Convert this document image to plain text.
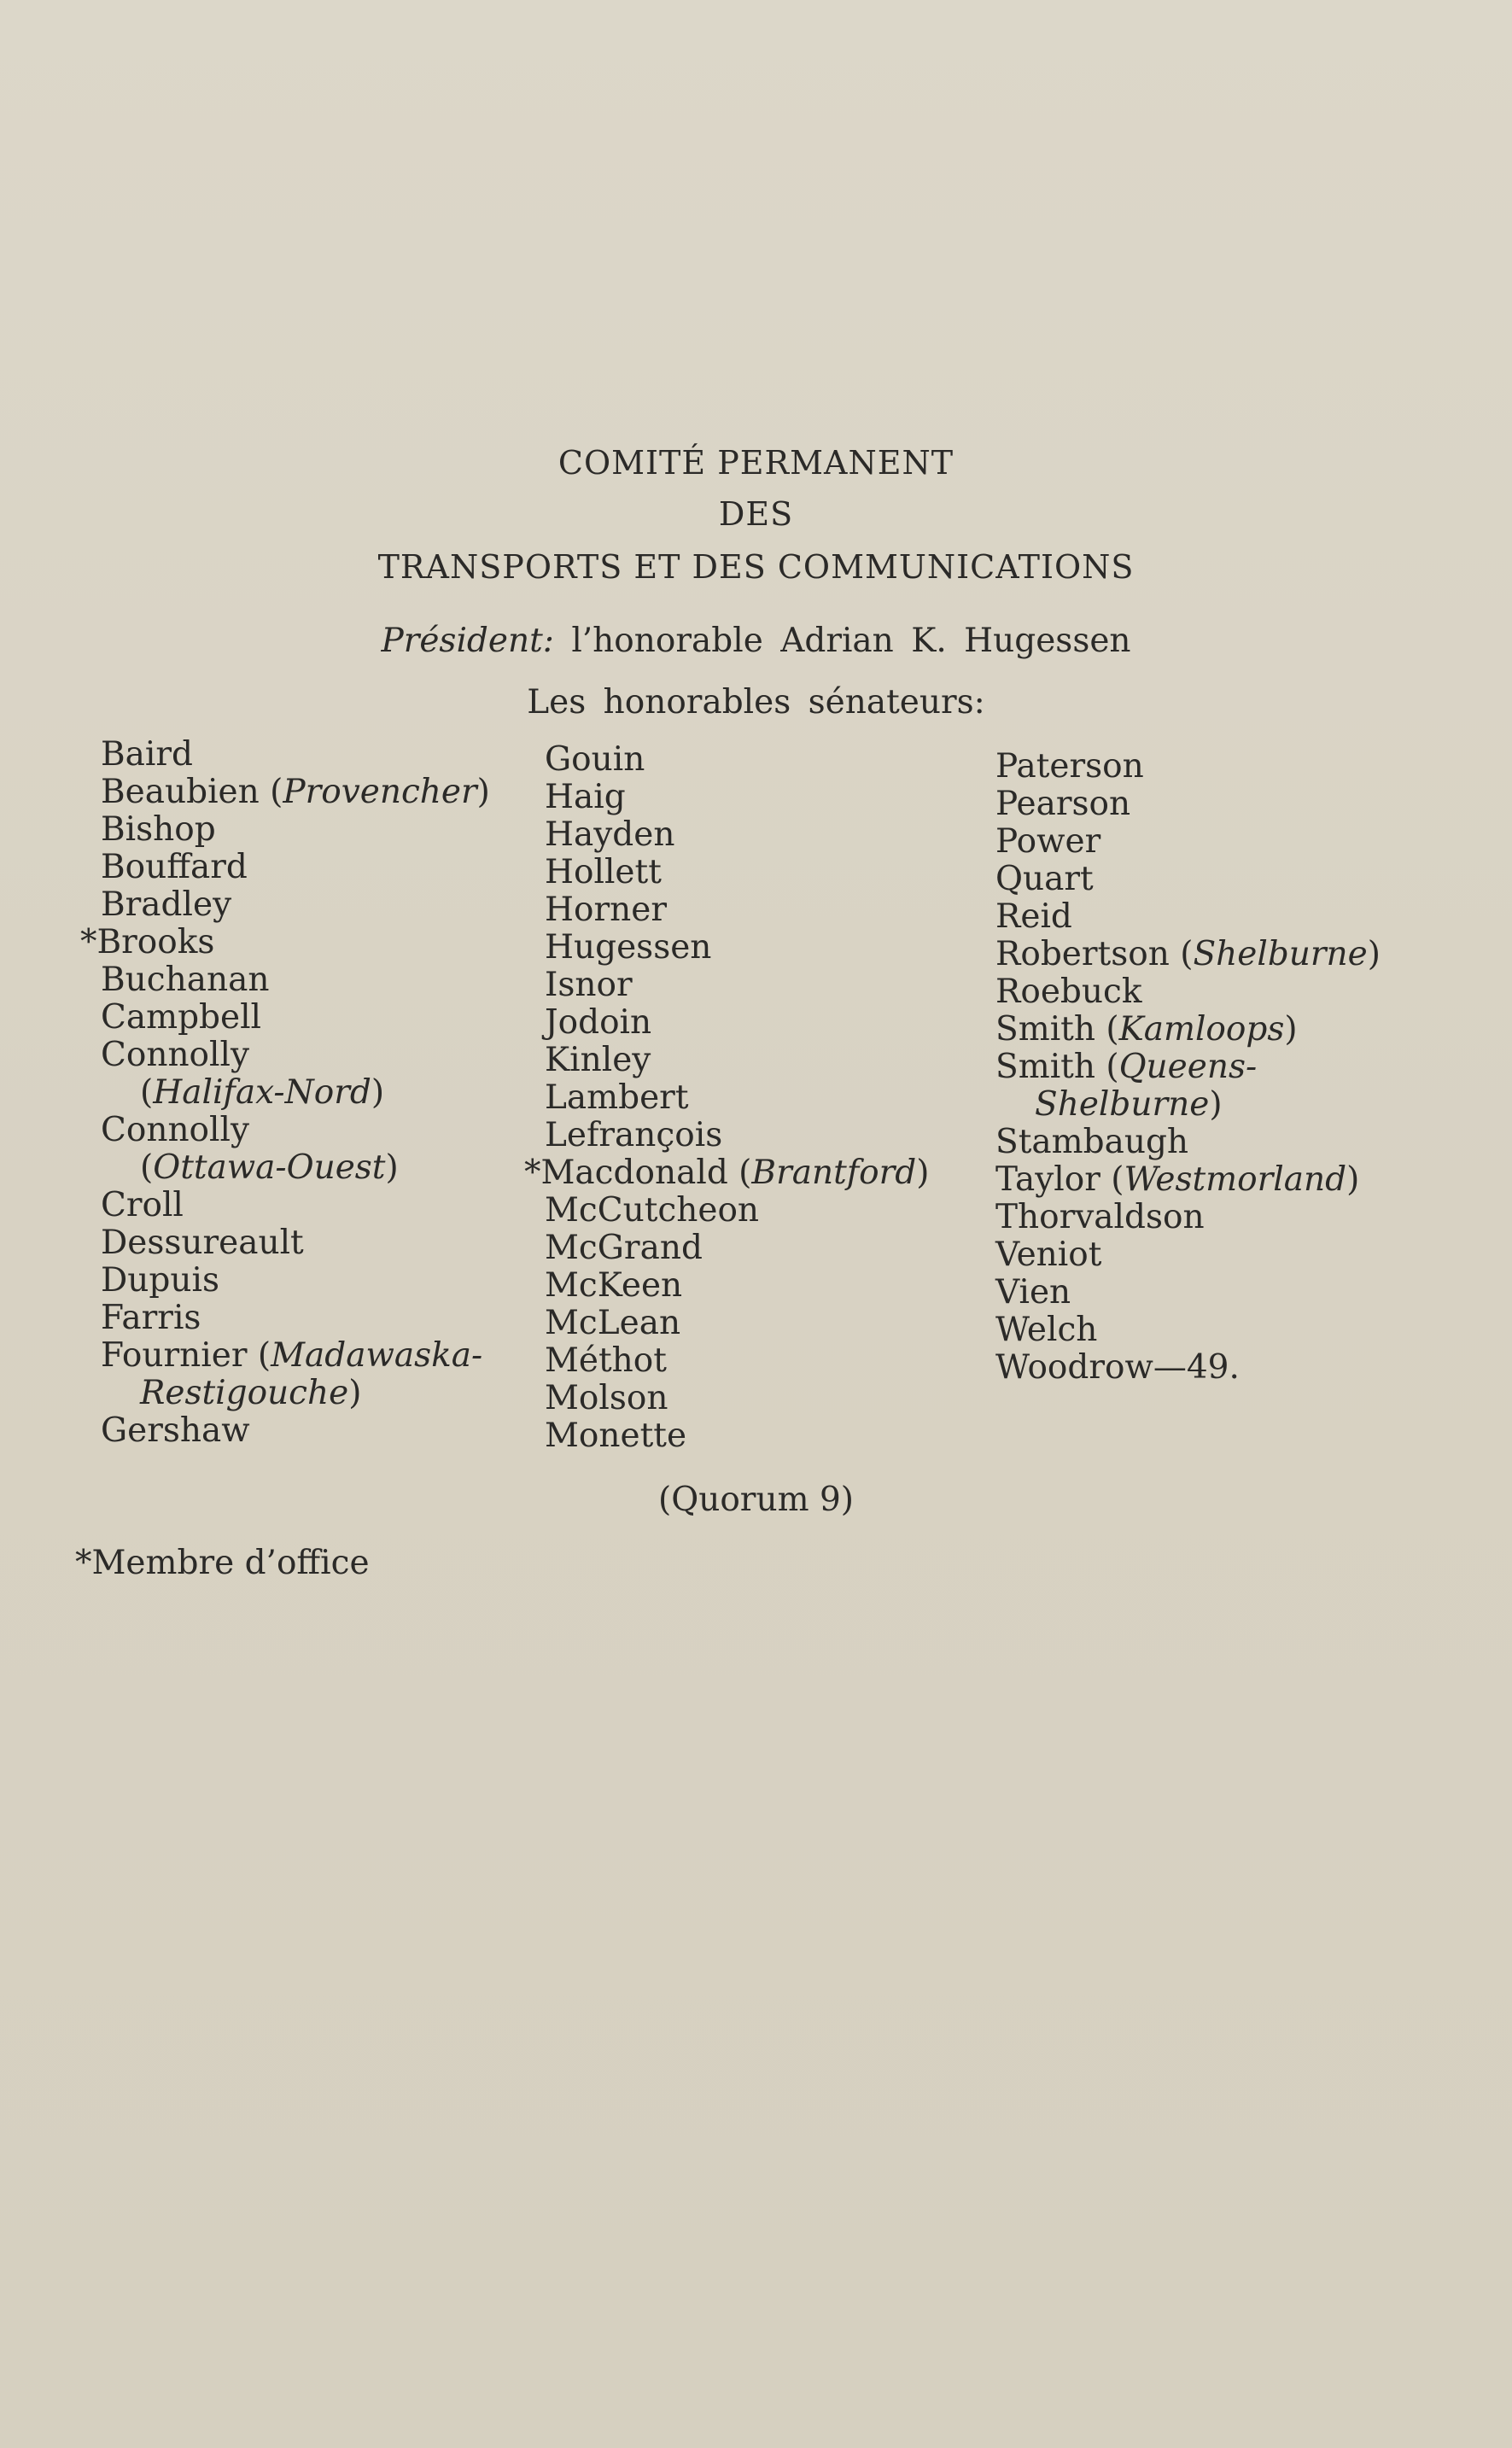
COMITÉ PERMANENT
DES
TRANSPORTS ET DES COMMUNICATIONS
Président: l’honorable Adrian K. Hugessen
Les honorables sénateurs:
Baird
Beaubien (Provencher)
Bishop
Bouffard
Bradley
*Brooks
Buchanan
Campbell
Connolly
(Halifax-Nord)
Connolly
(Ottawa-Ouest)
Croll
Dessureault
Dupuis
Farris
Fournier (Madawaska-
Restigouche)
Gershaw
Gouin
Haig
Hayden
Hollett
Horner
Hugessen
Isnor
Jodoin
Kinley
Lambert
Lefrançois
*Macdonald (Brantford)
McCutcheon
McGrand
McKeen
McLean
Méthot
Molson
Monette
Paterson
Pearson
Power
Quart
Reid
Robertson (Shelburne)
Roebuck
Smith (Kamloops)
Smith (Queens-
Shelburne)
Stambaugh
Taylor (Westmorland)
Thorvaldson
Veniot
Vien
Welch
Woodrow—49.
(Quorum 9)
*Membre d’office
